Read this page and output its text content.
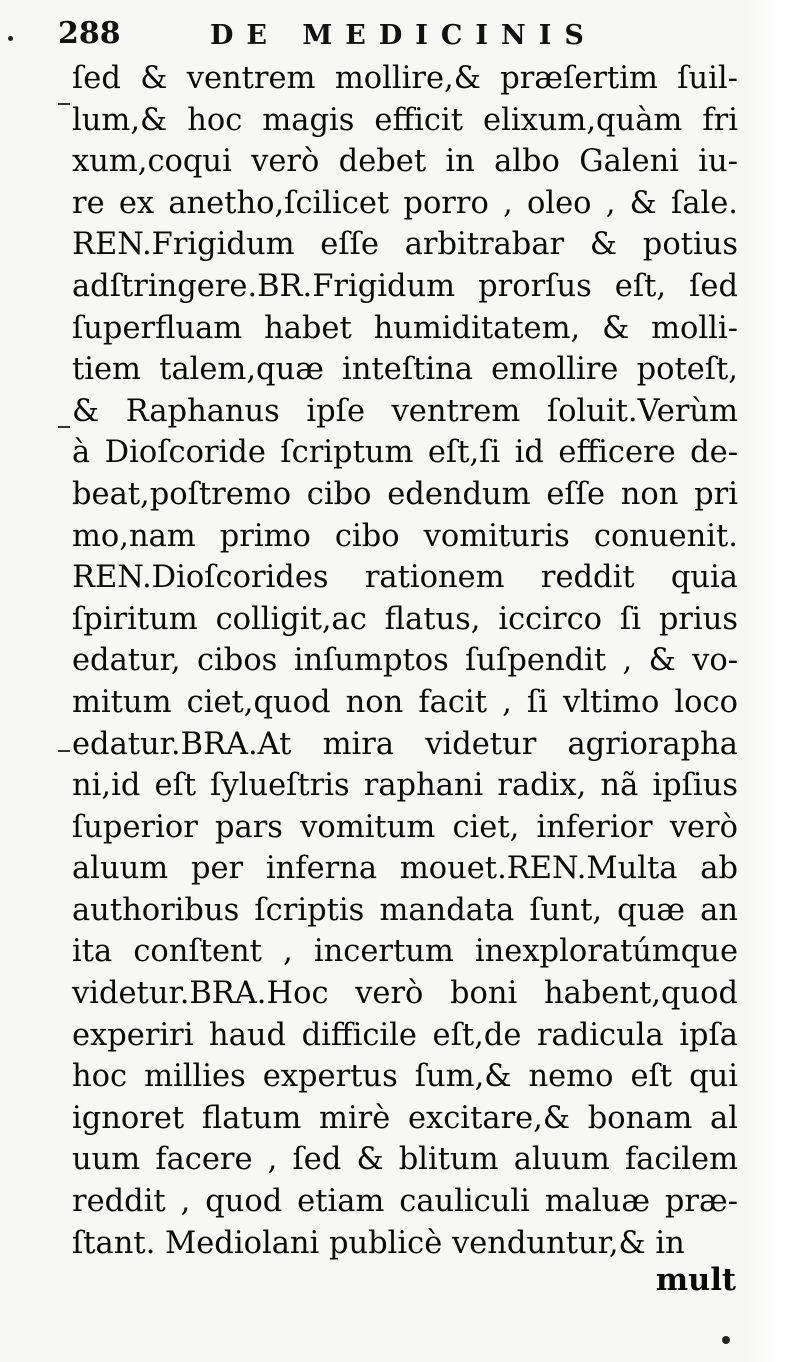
288	DE MEDICINIS
ſed & ventrem mollire,& præſertim ſuil-
lum,& hoc magis efficit elixum,quàm fri
xum,coqui verò debet in albo Galeni iu-
re ex anetho,ſcilicet porro , oleo , & ſale.
REN.Frigidum eſſe arbitrabar & potius
adſtringere.BR.Frigidum prorſus eſt, ſed
ſuperfluam habet humiditatem, & molli-
tiem talem,quæ inteſtina emollire poteſt,
& Raphanus ipſe ventrem ſoluit.Verùm
à Dioſcoride ſcriptum eſt,ſi id efficere de-
beat,poſtremo cibo edendum eſſe non pri
mo,nam primo cibo vomituris conuenit.
REN.Dioſcorides rationem reddit quia
ſpiritum colligit,ac flatus, iccirco ſi prius
edatur, cibos inſumptos ſuſpendit , & vo-
mitum ciet,quod non facit , ſi vltimo loco
edatur.BRA.At mira videtur agriorapha
ni,id eſt ſylueſtris raphani radix, nã ipſius
ſuperior pars vomitum ciet, inferior verò
aluum per inferna mouet.REN.Multa ab
authoribus ſcriptis mandata ſunt, quæ an
ita conſtent , incertum inexploratúmque
videtur.BRA.Hoc verò boni habent,quod
experiri haud difficile eſt,de radicula ipſa
hoc millies expertus ſum,& nemo eſt qui
ignoret flatum mirè excitare,& bonam al
uum facere , ſed & blitum aluum facilem
reddit , quod etiam cauliculi maluæ præ-
ſtant. Mediolani publicè venduntur,& in
mult
